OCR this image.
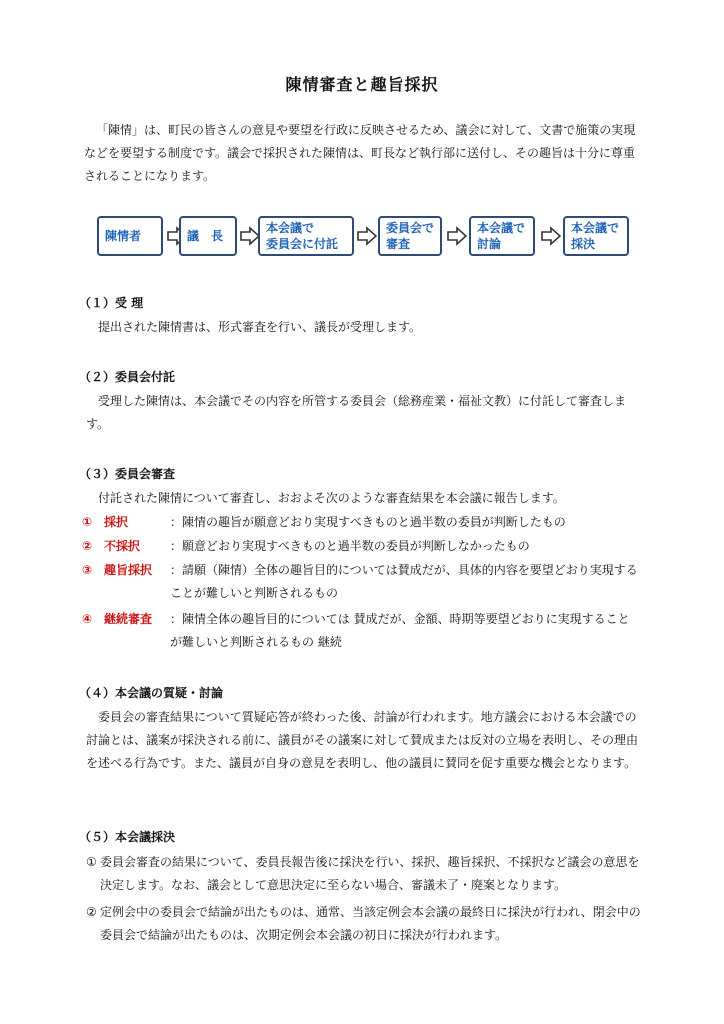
陳情審査と趣旨採択

「陳情」は、町民の皆さんの意見や要望を行政に反映させるため、議会に対して、文書で施策の実現などを要望する制度です。議会で採択された陳情は、町長など執行部に送付し、その趣旨は十分に尊重されることになります。

陳情者	議　長
本会議で
委員会に付託
委員会で
審査
本会議で
討論
本会議で
採決
（１）受 理

提出された陳情書は、形式審査を行い、議長が受理します。

（２）委員会付託

受理した陳情は、本会議でその内容を所管する委員会（総務産業・福祉文教）に付託して審査します。

（３）委員会審査

付託された陳情について審査し、おおよそ次のような審査結果を本会議に報告します。

① 採択	：陳情の趣旨が願意どおり実現すべきものと過半数の委員が判断したもの
② 不採択 ：願意どおり実現すべきものと過半数の委員が判断しなかったもの
③ 趣旨採択 ：請願（陳情）全体の趣旨目的については賛成だが、具体的内容を要望どおり実現することが難しいと判断されるもの
④ 継続審査 ：陳情全体の趣旨目的については 賛成だが、金額、時期等要望どおりに実現することが難しいと判断されるもの 継続
（４）本会議の質疑・討論

委員会の審査結果について質疑応答が終わった後、討論が行われます。地方議会における本会議での討論とは、議案が採決される前に、議員がその議案に対して賛成または反対の立場を表明し、その理由を述べる行為です。また、議員が自身の意見を表明し、他の議員に賛同を促す重要な機会となります。

（５）本会議採決
① 委員会審査の結果について、委員長報告後に採決を行い、採択、趣旨採択、不採択など議会の意思を決定します。なお、議会として意思決定に至らない場合、審議未了・廃案となります。
② 定例会中の委員会で結論が出たものは、通常、当該定例会本会議の最終日に採決が行われ、閉会中の委員会で結論が出たものは、次期定例会本会議の初日に採決が行われます。
